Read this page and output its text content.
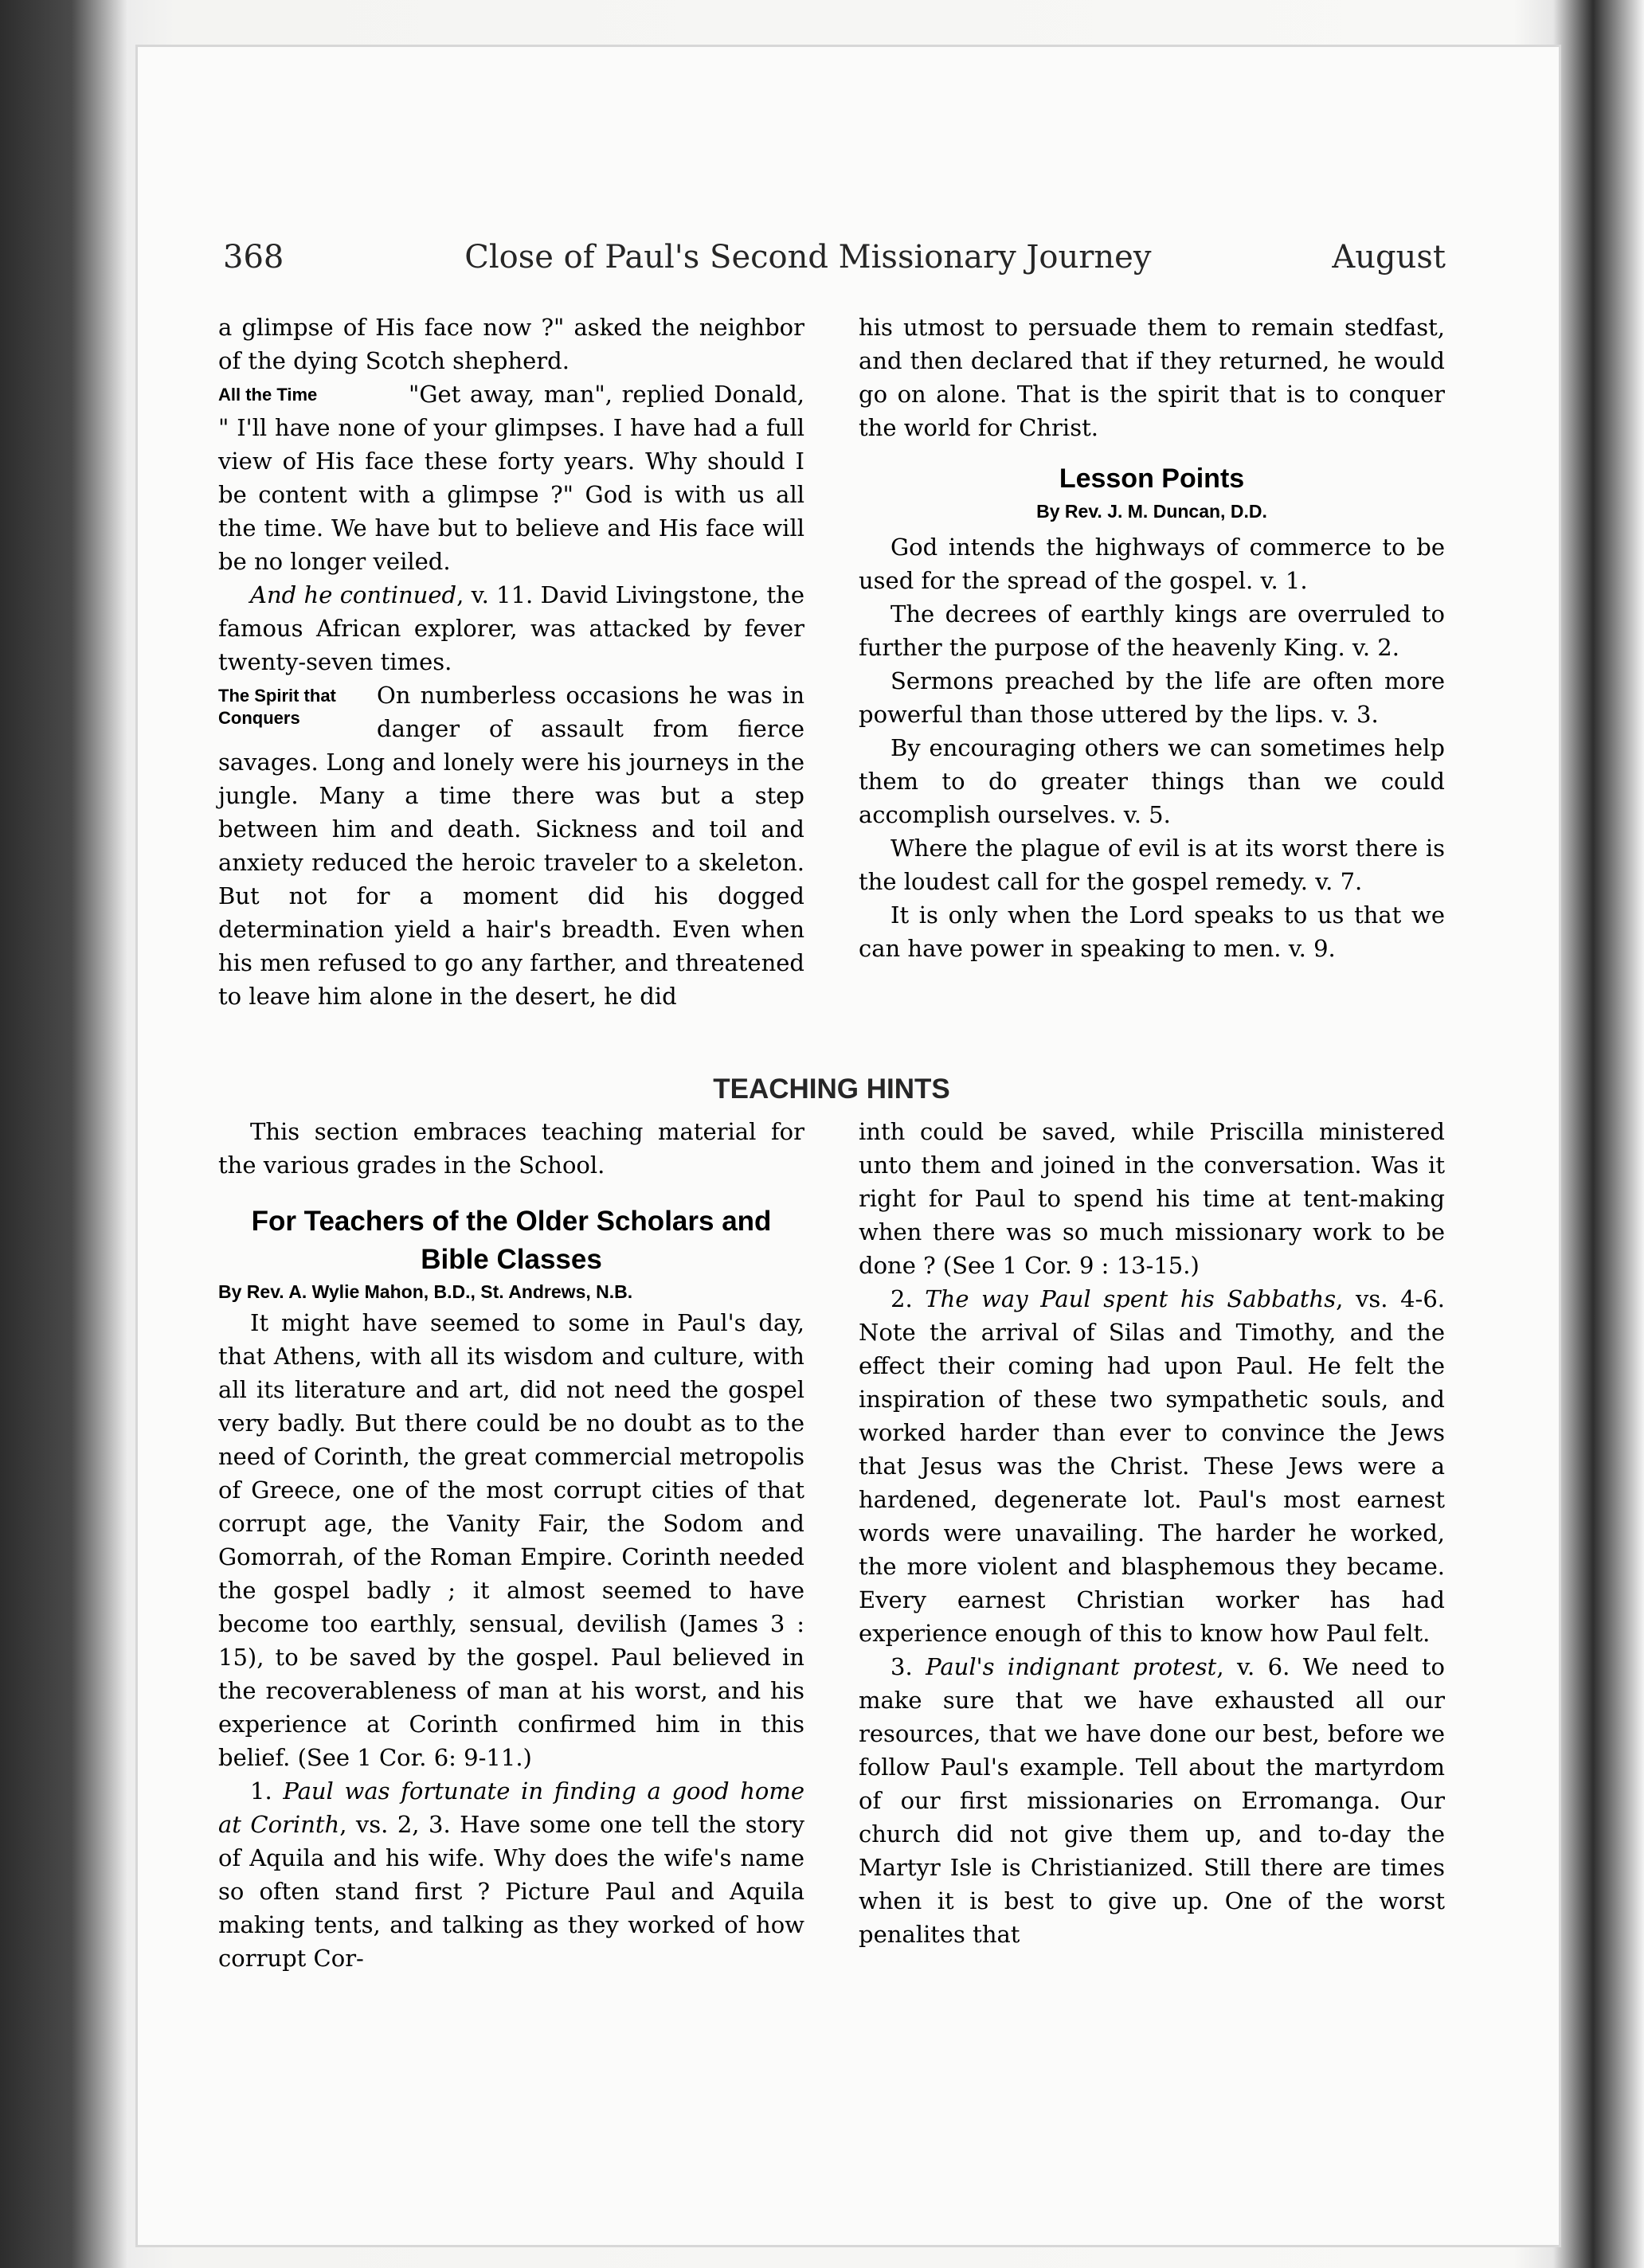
368	Close of Paul's Second Missionary Journey	August

a glimpse of His face now ?" asked the neighbor of the dying Scotch shepherd.

All the Time	"Get away, man", replied Donald, " I'll have none of your glimpses. I have had a full view of His face these forty years. Why should I be content with a glimpse ?" God is with us all the time. We have but to believe and His face will be no longer veiled.

And he continued, v. 11. David Livingstone, the famous African explorer, was attacked by fever twenty-seven times.

The Spirit that Conquers

On numberless occasions he was in danger of assault from fierce savages. Long and lonely were his journeys in the jungle. Many a time there was but a step between him and death. Sickness and toil and anxiety reduced the heroic traveler to a skeleton. But not for a moment did his dogged determination yield a hair's breadth. Even when his men refused to go any farther, and threatened to leave him alone in the desert, he did

his utmost to persuade them to remain stedfast, and then declared that if they returned, he would go on alone. That is the spirit that is to conquer the world for Christ.

Lesson Points
By Rev. J. M. Duncan, D.D.

God intends the highways of commerce to be used for the spread of the gospel. v. 1.

The decrees of earthly kings are overruled to further the purpose of the heavenly King. v. 2.

Sermons preached by the life are often more powerful than those uttered by the lips. v. 3.

By encouraging others we can sometimes help them to do greater things than we could accomplish ourselves. v. 5.

Where the plague of evil is at its worst there is the loudest call for the gospel remedy. v. 7.

It is only when the Lord speaks to us that we can have power in speaking to men. v. 9.

TEACHING HINTS

This section embraces teaching material for the various grades in the School.

For Teachers of the Older Scholars and Bible Classes
By Rev. A. Wylie Mahon, B.D., St. Andrews, N.B.

It might have seemed to some in Paul's day, that Athens, with all its wisdom and culture, with all its literature and art, did not need the gospel very badly. But there could be no doubt as to the need of Corinth, the great commercial metropolis of Greece, one of the most corrupt cities of that corrupt age, the Vanity Fair, the Sodom and Gomorrah, of the Roman Empire. Corinth needed the gospel badly ; it almost seemed to have become too earthly, sensual, devilish (James 3 : 15), to be saved by the gospel. Paul believed in the recoverableness of man at his worst, and his experience at Corinth confirmed him in this belief. (See 1 Cor. 6: 9-11.)

1. Paul was fortunate in finding a good home at Corinth, vs. 2, 3. Have some one tell the story of Aquila and his wife. Why does the wife's name so often stand first ? Picture Paul and Aquila making tents, and talking as they worked of how corrupt Cor-

inth could be saved, while Priscilla ministered unto them and joined in the conversation. Was it right for Paul to spend his time at tent-making when there was so much missionary work to be done ? (See 1 Cor. 9 : 13-15.)

2. The way Paul spent his Sabbaths, vs. 4-6. Note the arrival of Silas and Timothy, and the effect their coming had upon Paul. He felt the inspiration of these two sympathetic souls, and worked harder than ever to convince the Jews that Jesus was the Christ. These Jews were a hardened, degenerate lot. Paul's most earnest words were unavailing. The harder he worked, the more violent and blasphemous they became. Every earnest Christian worker has had experience enough of this to know how Paul felt.

3. Paul's indignant protest, v. 6. We need to make sure that we have exhausted all our resources, that we have done our best, before we follow Paul's example. Tell about the martyrdom of our first missionaries on Erromanga. Our church did not give them up, and to-day the Martyr Isle is Christianized. Still there are times when it is best to give up. One of the worst penalites that
